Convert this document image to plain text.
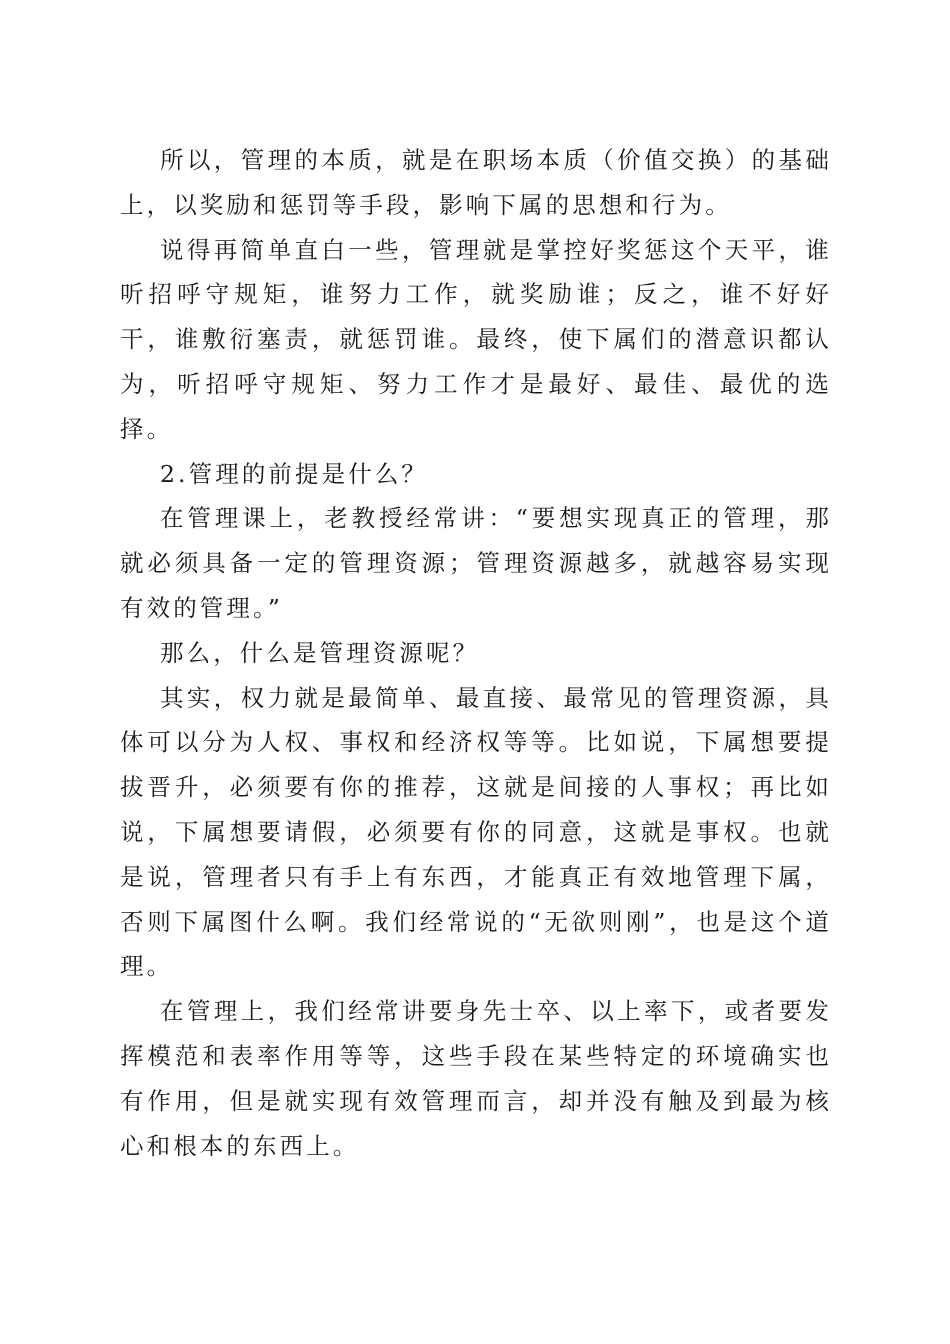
所以，管理的本质，就是在职场本质（价值交换）的基础上，以奖励和惩罚等手段，影响下属的思想和行为。

说得再简单直白一些，管理就是掌控好奖惩这个天平，谁听招呼守规矩，谁努力工作，就奖励谁；反之，谁不好好干，谁敷衍塞责，就惩罚谁。最终，使下属们的潜意识都认为，听招呼守规矩、努力工作才是最好、最佳、最优的选择。

2.管理的前提是什么？

在管理课上，老教授经常讲：“要想实现真正的管理，那就必须具备一定的管理资源；管理资源越多，就越容易实现有效的管理。”

那么，什么是管理资源呢？

其实，权力就是最简单、最直接、最常见的管理资源，具体可以分为人权、事权和经济权等等。比如说，下属想要提拔晋升，必须要有你的推荐，这就是间接的人事权；再比如说，下属想要请假，必须要有你的同意，这就是事权。也就是说，管理者只有手上有东西，才能真正有效地管理下属，否则下属图什么啊。我们经常说的“无欲则刚”，也是这个道理。

在管理上，我们经常讲要身先士卒、以上率下，或者要发挥模范和表率作用等等，这些手段在某些特定的环境确实也有作用，但是就实现有效管理而言，却并没有触及到最为核心和根本的东西上。
